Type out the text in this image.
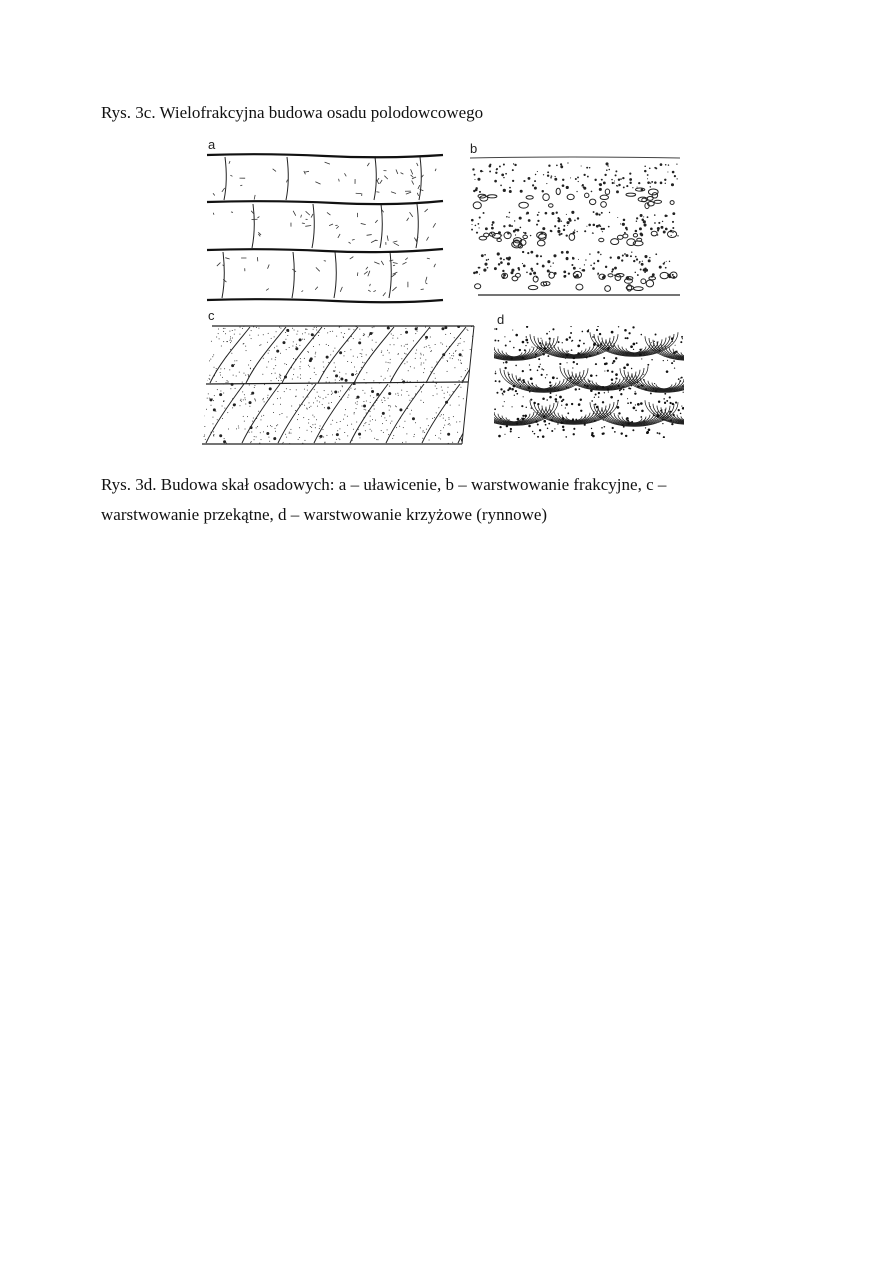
Rys. 3c. Wielofrakcyjna budowa osadu polodowcowego

a	b
c	d

Rys. 3d. Budowa skał osadowych: a – uławicenie, b – warstwowanie frakcyjne, c – warstwowanie przekątne, d – warstwowanie krzyżowe (rynnowe)
